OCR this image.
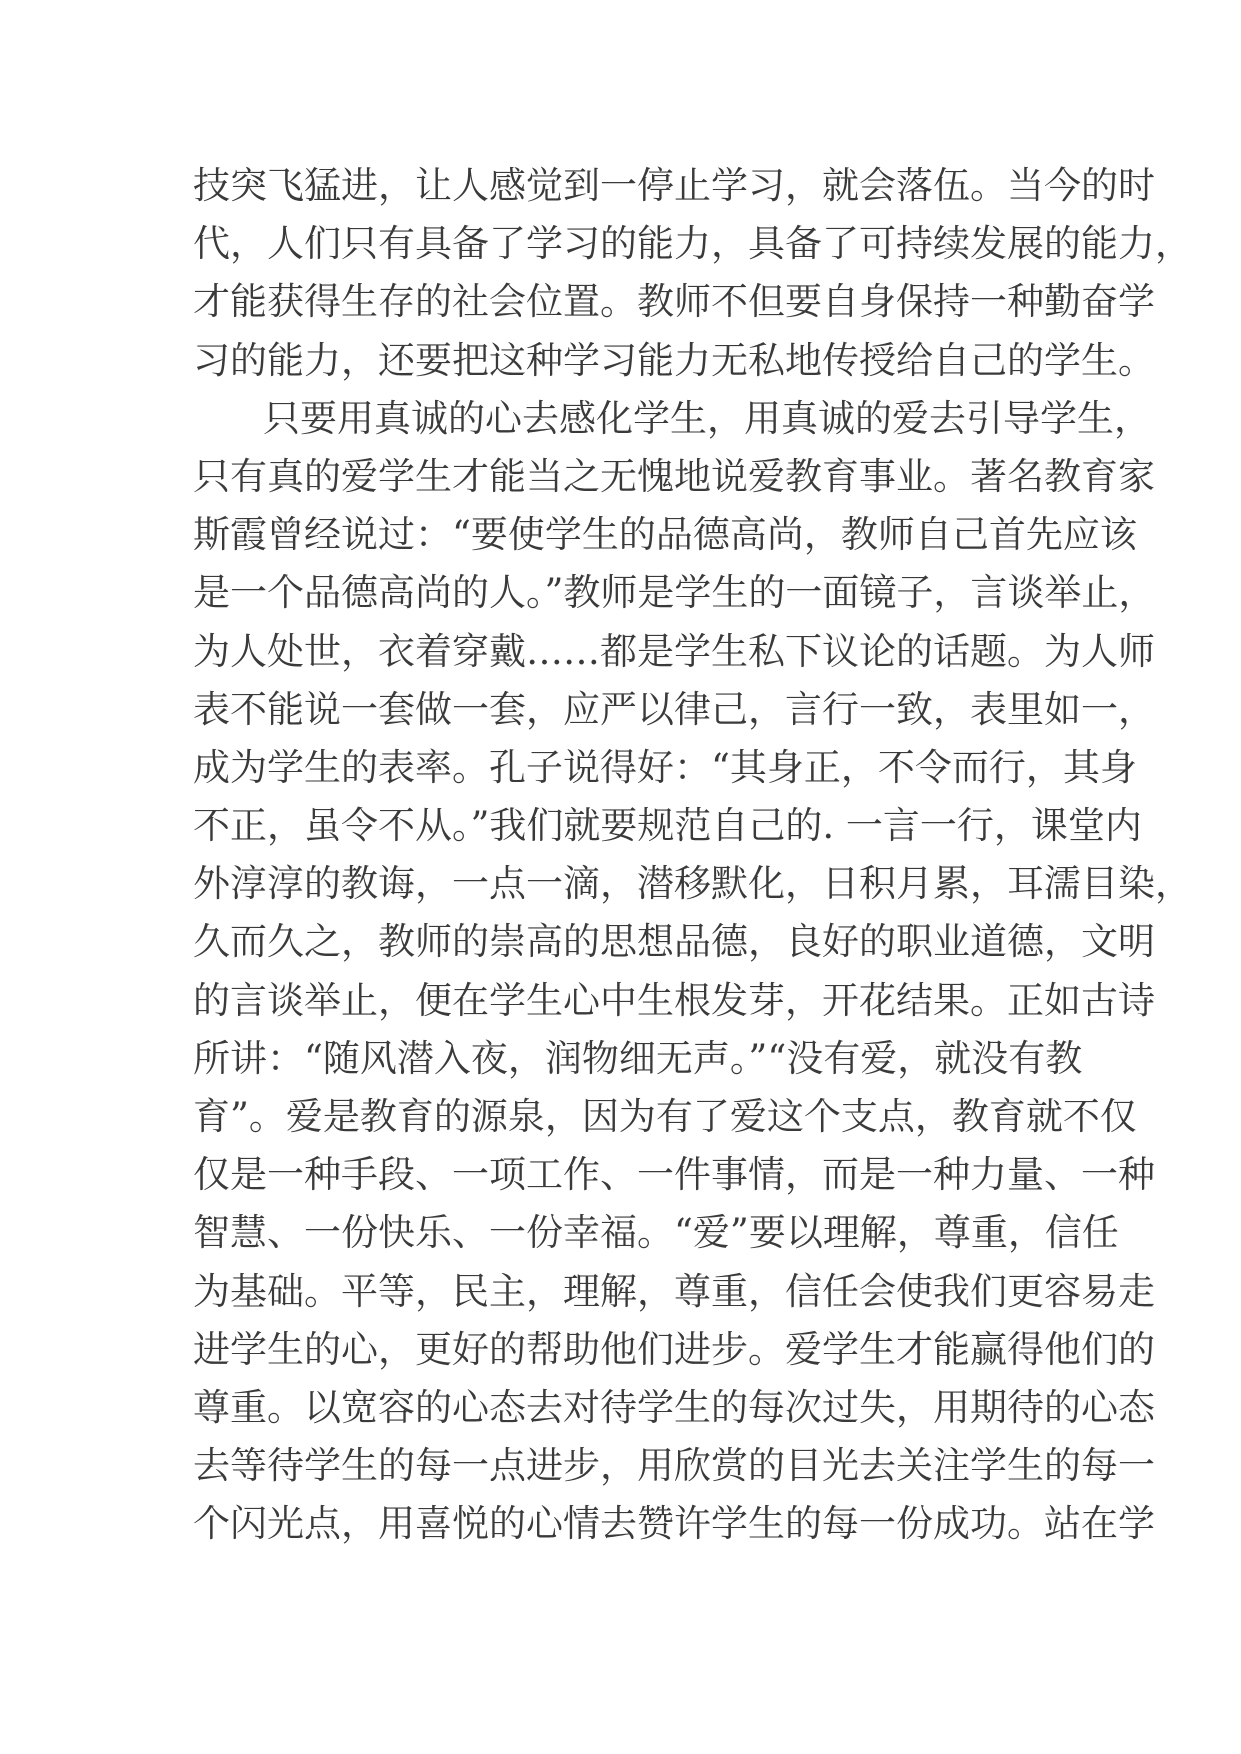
技突飞猛进，让人感觉到一停止学习，就会落伍。当今的时
代，人们只有具备了学习的能力，具备了可持续发展的能力，
才能获得生存的社会位置。教师不但要自身保持一种勤奋学
习的能力，还要把这种学习能力无私地传授给自己的学生。
只要用真诚的心去感化学生，用真诚的爱去引导学生，
只有真的爱学生才能当之无愧地说爱教育事业。著名教育家
斯霞曾经说过：“要使学生的品德高尚，教师自己首先应该
是一个品德高尚的人。”教师是学生的一面镜子，言谈举止，
为人处世，衣着穿戴……都是学生私下议论的话题。为人师
表不能说一套做一套，应严以律己，言行一致，表里如一，
成为学生的表率。孔子说得好：“其身正，不令而行，其身
不正，虽令不从。”我们就要规范自己的. 一言一行，课堂内
外淳淳的教诲，一点一滴，潜移默化，日积月累，耳濡目染，
久而久之，教师的崇高的思想品德，良好的职业道德，文明
的言谈举止，便在学生心中生根发芽，开花结果。正如古诗
所讲：“随风潜入夜，润物细无声。”“没有爱，就没有教
育”。爱是教育的源泉，因为有了爱这个支点，教育就不仅
仅是一种手段、一项工作、一件事情，而是一种力量、一种
智慧、一份快乐、一份幸福。“爱”要以理解，尊重，信任
为基础。平等，民主，理解，尊重，信任会使我们更容易走
进学生的心，更好的帮助他们进步。爱学生才能赢得他们的
尊重。以宽容的心态去对待学生的每次过失，用期待的心态
去等待学生的每一点进步，用欣赏的目光去关注学生的每一
个闪光点，用喜悦的心情去赞许学生的每一份成功。站在学
